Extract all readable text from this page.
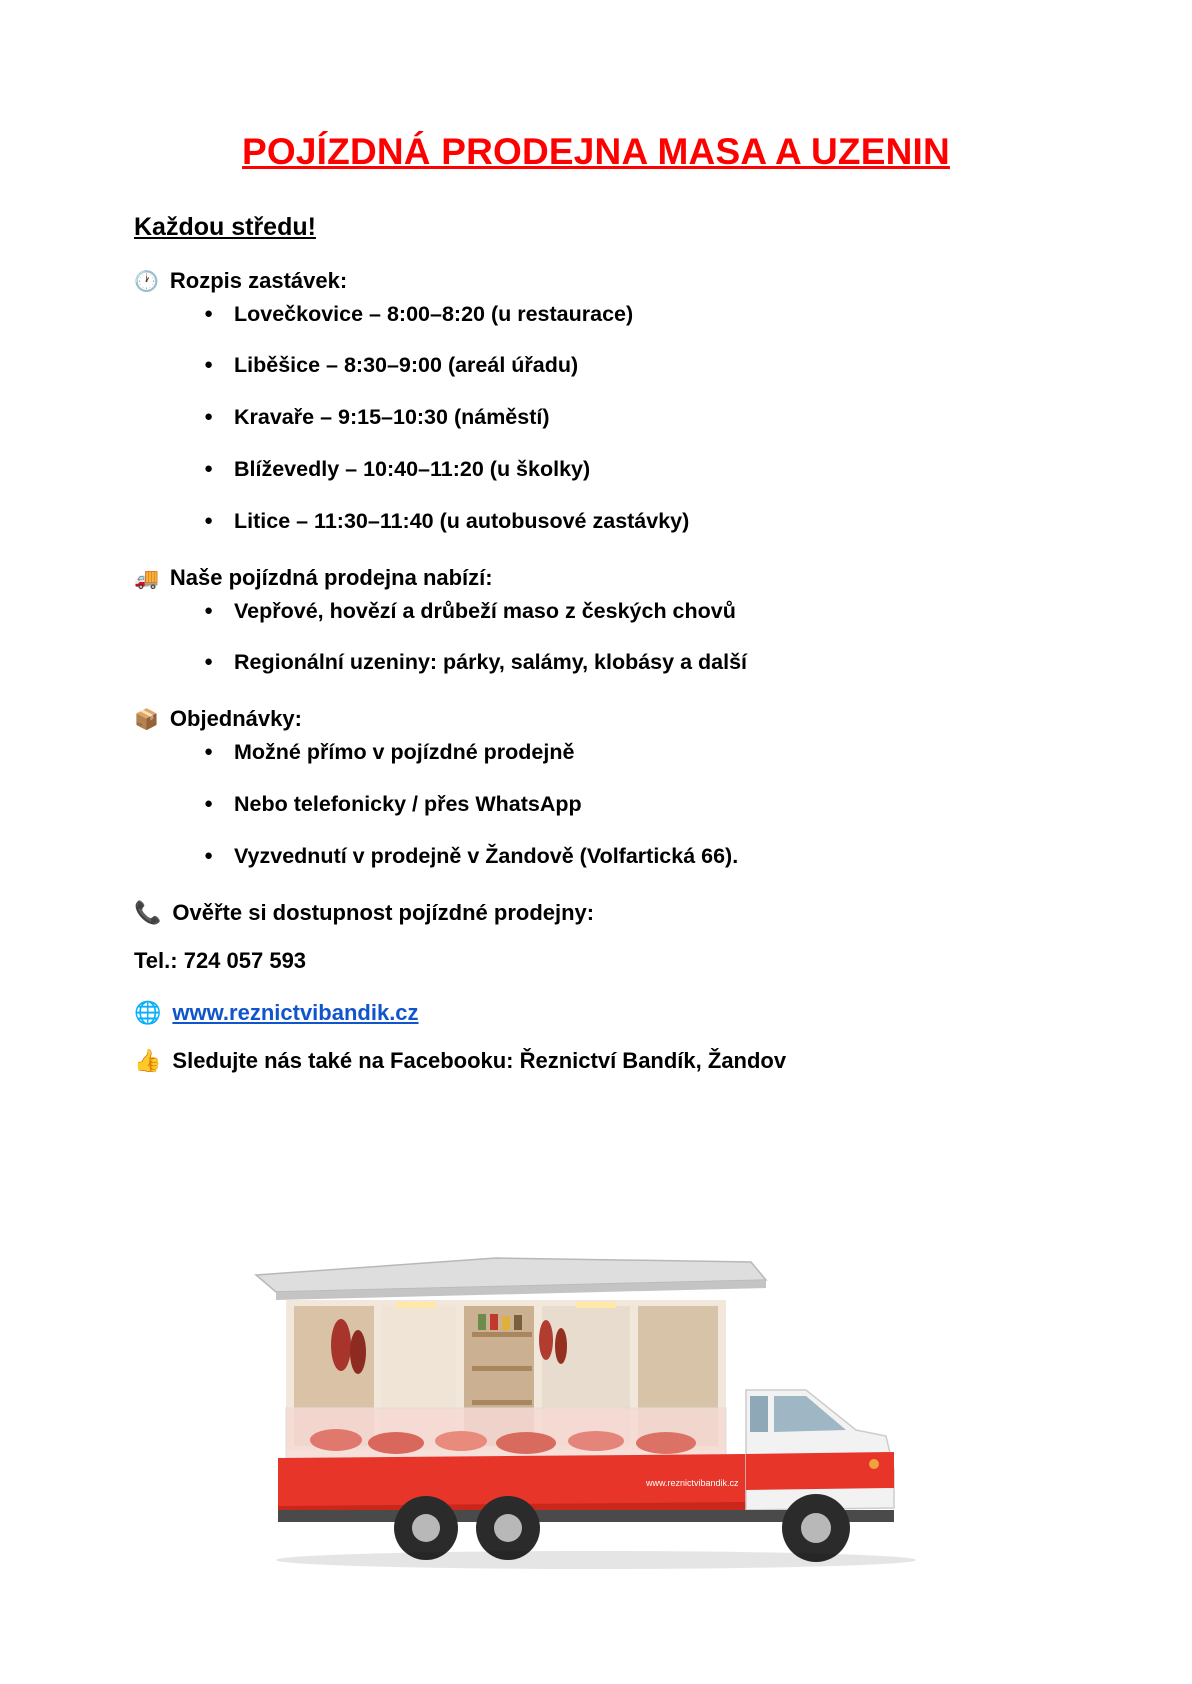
POJÍZDNÁ PRODEJNA MASA A UZENIN
Každou středu!
🕐 Rozpis zastávek:
● Lovečkovice – 8:00–8:20 (u restaurace)
● Liběšice – 8:30–9:00 (areál úřadu)
● Kravaře – 9:15–10:30 (náměstí)
● Blíževedly – 10:40–11:20 (u školky)
● Litice – 11:30–11:40 (u autobusové zastávky)
🚚 Naše pojízdná prodejna nabízí:
● Vepřové, hovězí a drůbeží maso z českých chovů
● Regionální uzeniny: párky, salámy, klobásy a další
📦 Objednávky:
● Možné přímo v pojízdné prodejně
● Nebo telefonicky / přes WhatsApp
● Vyzvednutí v prodejně v Žandově (Volfartická 66).
📞 Ověřte si dostupnost pojízdné prodejny:
Tel.: 724 057 593
🌐 www.reznictvibandik.cz
👍 Sledujte nás také na Facebooku: Řeznictví Bandík, Žandov
www.reznictvibandik.cz
